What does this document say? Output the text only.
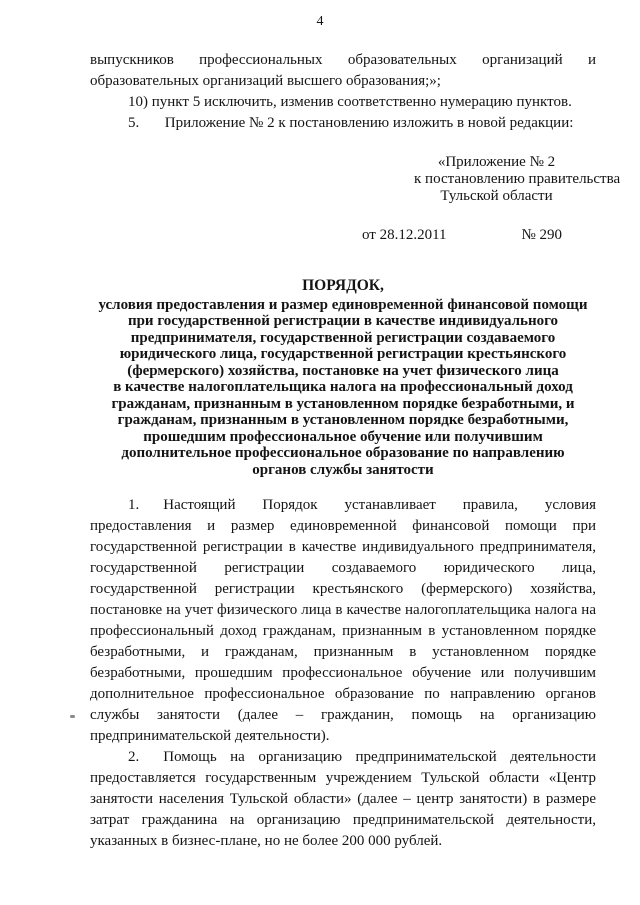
4

выпускников профессиональных образовательных организаций и

образовательных организаций высшего образования;»;

10) пункт 5 исключить, изменив соответственно нумерацию пунктов.

5. Приложение № 2 к постановлению изложить в новой редакции:

«Приложение № 2
к постановлению правительства
Тульской области
от 28.12.2011	№ 290
ПОРЯДОК,
условия предоставления и размер единовременной финансовой помощи
при государственной регистрации в качестве индивидуального
предпринимателя, государственной регистрации создаваемого
юридического лица, государственной регистрации крестьянского
(фермерского) хозяйства, постановке на учет физического лица
в качестве налогоплательщика налога на профессиональный доход
гражданам, признанным в установленном порядке безработными, и
гражданам, признанным в установленном порядке безработными,
прошедшим профессиональное обучение или получившим
дополнительное профессиональное образование по направлению
органов службы занятости
1. Настоящий Порядок устанавливает правила, условия

предоставления и размер единовременной финансовой помощи при

государственной регистрации в качестве индивидуального предпринимателя,

государственной регистрации создаваемого юридического лица,

государственной регистрации крестьянского (фермерского) хозяйства,

постановке на учет физического лица в качестве налогоплательщика налога на

профессиональный доход гражданам, признанным в установленном порядке

безработными, и гражданам, признанным в установленном порядке

безработными, прошедшим профессиональное обучение или получившим

дополнительное профессиональное образование по направлению органов

службы занятости (далее – гражданин, помощь на организацию

предпринимательской деятельности).

2. Помощь на организацию предпринимательской деятельности

предоставляется государственным учреждением Тульской области «Центр

занятости населения Тульской области» (далее – центр занятости) в размере

затрат гражданина на организацию предпринимательской деятельности,

указанных в бизнес-плане, но не более 200 000 рублей.
